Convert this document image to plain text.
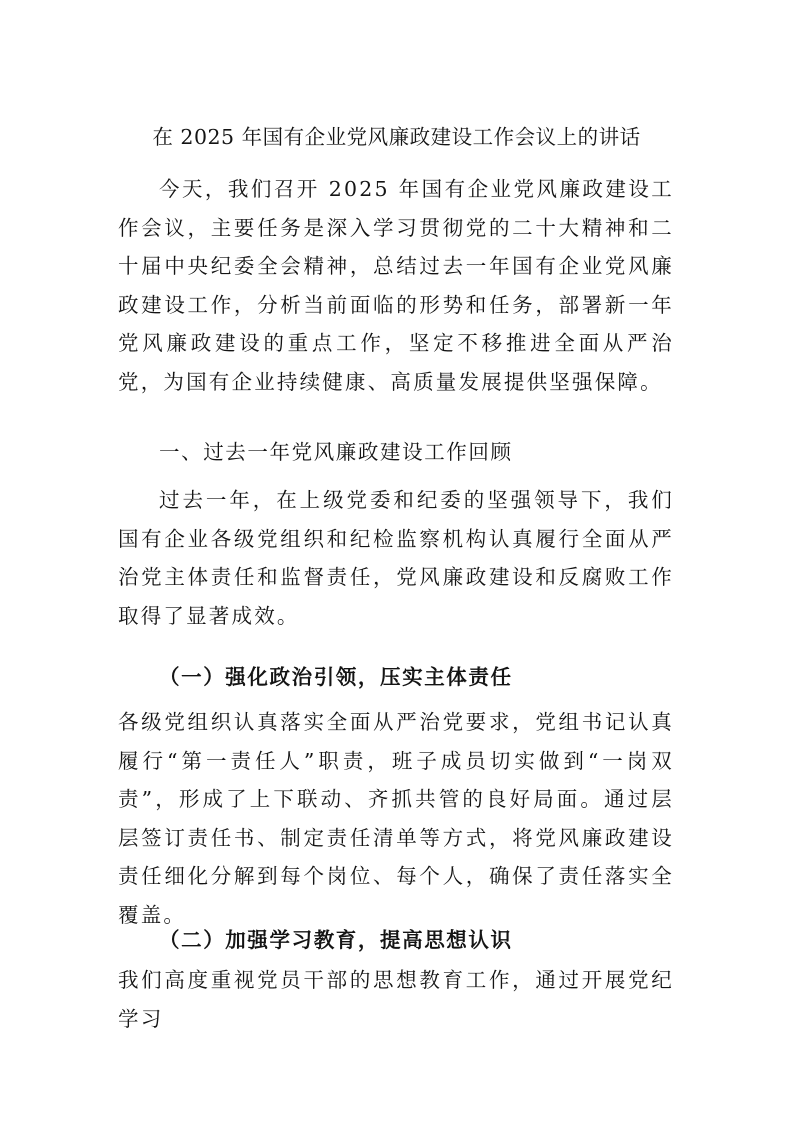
在 2025 年国有企业党风廉政建设工作会议上的讲话

今天，我们召开 2025 年国有企业党风廉政建设工作会议，主要任务是深入学习贯彻党的二十大精神和二十届中央纪委全会精神，总结过去一年国有企业党风廉政建设工作，分析当前面临的形势和任务，部署新一年党风廉政建设的重点工作，坚定不移推进全面从严治党，为国有企业持续健康、高质量发展提供坚强保障。

一、过去一年党风廉政建设工作回顾

过去一年，在上级党委和纪委的坚强领导下，我们国有企业各级党组织和纪检监察机构认真履行全面从严治党主体责任和监督责任，党风廉政建设和反腐败工作取得了显著成效。

（一）强化政治引领，压实主体责任

各级党组织认真落实全面从严治党要求，党组书记认真履行“第一责任人”职责，班子成员切实做到“一岗双责”，形成了上下联动、齐抓共管的良好局面。通过层层签订责任书、制定责任清单等方式，将党风廉政建设责任细化分解到每个岗位、每个人，确保了责任落实全覆盖。

（二）加强学习教育，提高思想认识

我们高度重视党员干部的思想教育工作，通过开展党纪学习
